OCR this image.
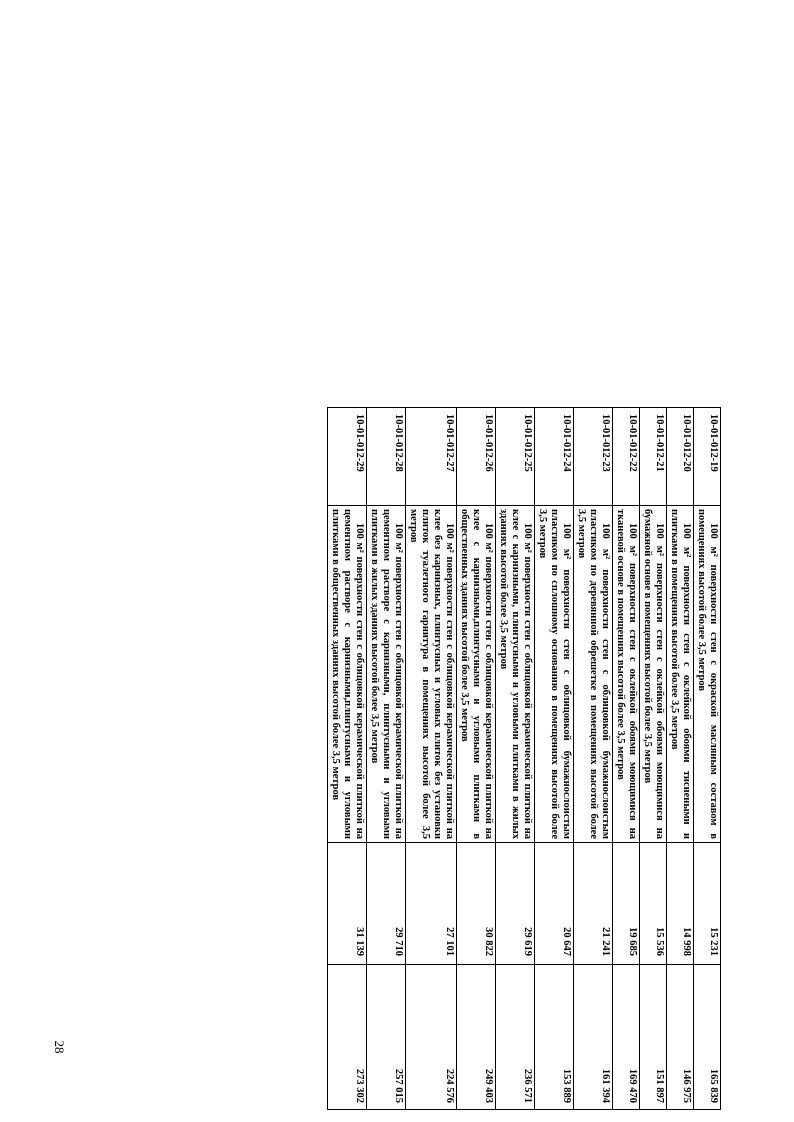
10-01-012-19	100 м² поверхности стен с окраской масляным составом в помещениях высотой более 3,5 метров	15 231	165 839
10-01-012-20	100 м² поверхности стен с оклейкой обоями тиснеными и плитками в помещениях высотой более 3,5 метров	14 998	146 975
10-01-012-21	100 м² поверхности стен с оклейкой обоями моющимися на бумажной основе в помещениях высотой более 3,5 метров	15 536	151 897
10-01-012-22	100 м² поверхности стен с оклейкой обоями моющимися на тканевой основе в помещениях высотой более 3,5 метров	19 685	169 470
10-01-012-23	100 м² поверхности стен с облицовкой бумажнослоистым пластиком по деревянной обрешетке в помещениях высотой более 3,5 метров	21 241	161 394
10-01-012-24	100 м² поверхности стен с облицовкой бумажнослоистым пластиком по сплошному основанию в помещениях высотой более 3,5 метров	20 647	153 889
10-01-012-25	100 м² поверхности стен с облицовкой керамической плиткой на клее с карнизными, плинтусными и угловыми плитками в жилых зданиях высотой более 3,5 метров	29 619	236 571
10-01-012-26	100 м² поверхности стен с облицовкой керамической плиткой на клее с карнизными,плинтусными и угловыми плитками в общественных зданиях высотой более 3,5 метров	30 822	249 403
10-01-012-27	100 м² поверхности стен с облицовкой керамической плиткой на клее без карнизных, плинтусных и угловых плиток без установки плиток туалетного гарнитура в помещениях высотой более 3,5 метров	27 101	224 576
10-01-012-28	100 м² поверхности стен с облицовкой керамической плиткой на цементном растворе с карнизными, плинтусными и угловыми плитками в жилых зданиях высотой более 3,5 метров	29 710	257 015
10-01-012-29	100 м² поверхности стен с облицовкой керамической плиткой на цементном растворе с карнизными,плинтусными и угловыми плитками в общественных зданиях высотой более 3,5 метров	31 139	273 302
28
